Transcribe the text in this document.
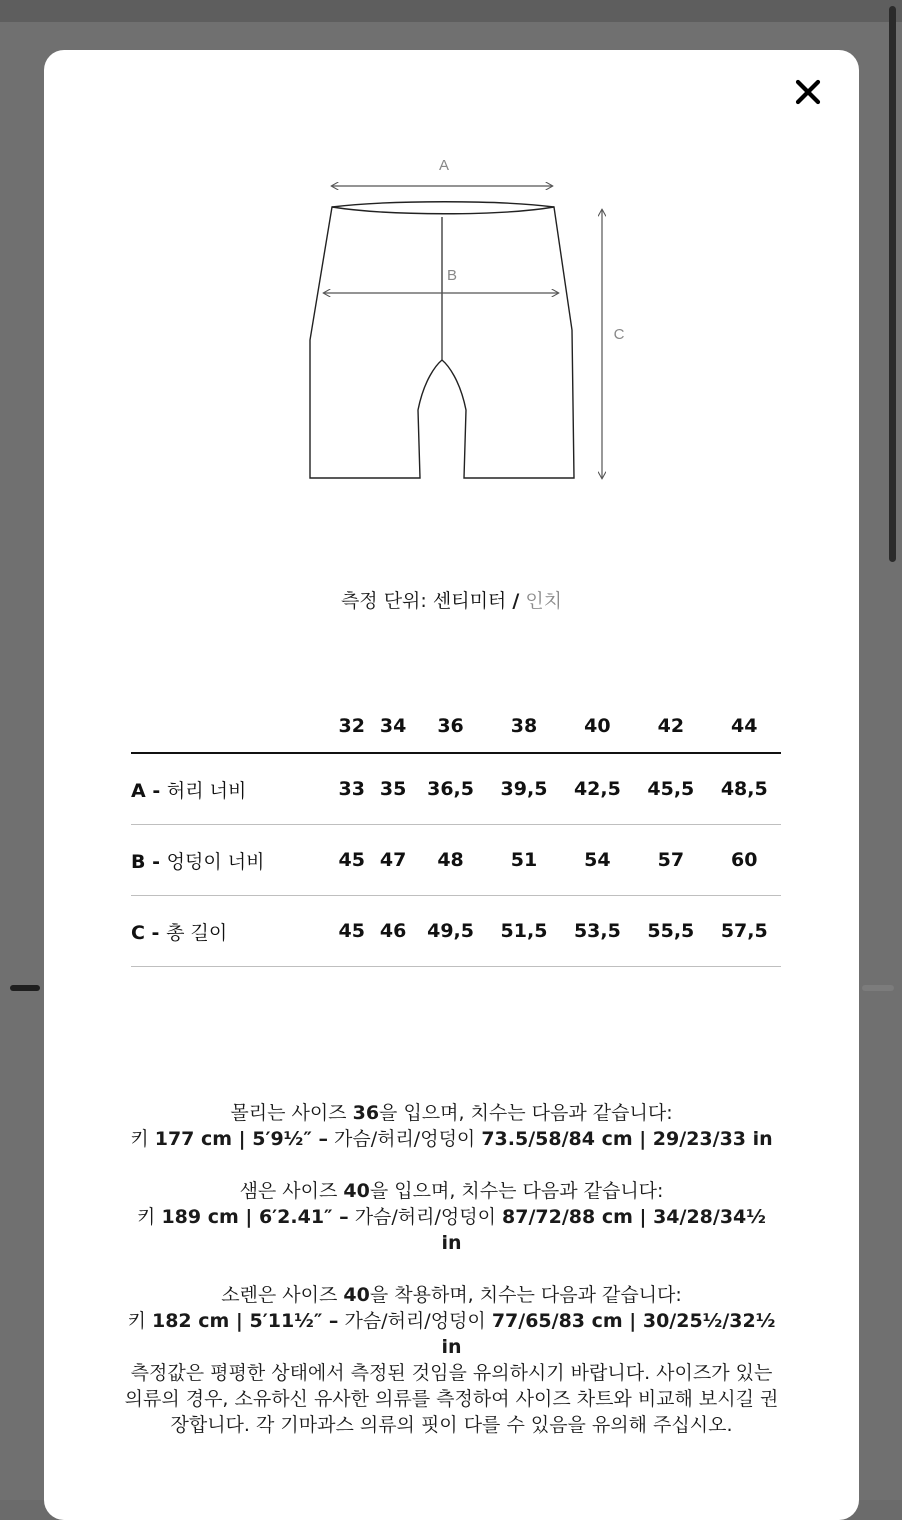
A
B
C
측정 단위: 센티미터 / 인치
	32	34	36	38	40	42	44
A - 허리 너비	33	35	36,5	39,5	42,5	45,5	48,5
B - 엉덩이 너비	45	47	48	51	54	57	60
C - 총 길이	45	46	49,5	51,5	53,5	55,5	57,5

몰리는 사이즈 36을 입으며, 치수는 다음과 같습니다:
키 177 cm | 5′9½″ – 가슴/허리/엉덩이 73.5/58/84 cm | 29/23/33 in

샘은 사이즈 40을 입으며, 치수는 다음과 같습니다:
키 189 cm | 6′2.41″ – 가슴/허리/엉덩이 87/72/88 cm | 34/28/34½ in

소렌은 사이즈 40을 착용하며, 치수는 다음과 같습니다:
키 182 cm | 5′11½″ – 가슴/허리/엉덩이 77/65/83 cm | 30/25½/32½ in

측정값은 평평한 상태에서 측정된 것임을 유의하시기 바랍니다. 사이즈가 있는 의류의 경우, 소유하신 유사한 의류를 측정하여 사이즈 차트와 비교해 보시길 권장합니다. 각 기마과스 의류의 핏이 다를 수 있음을 유의해 주십시오.
